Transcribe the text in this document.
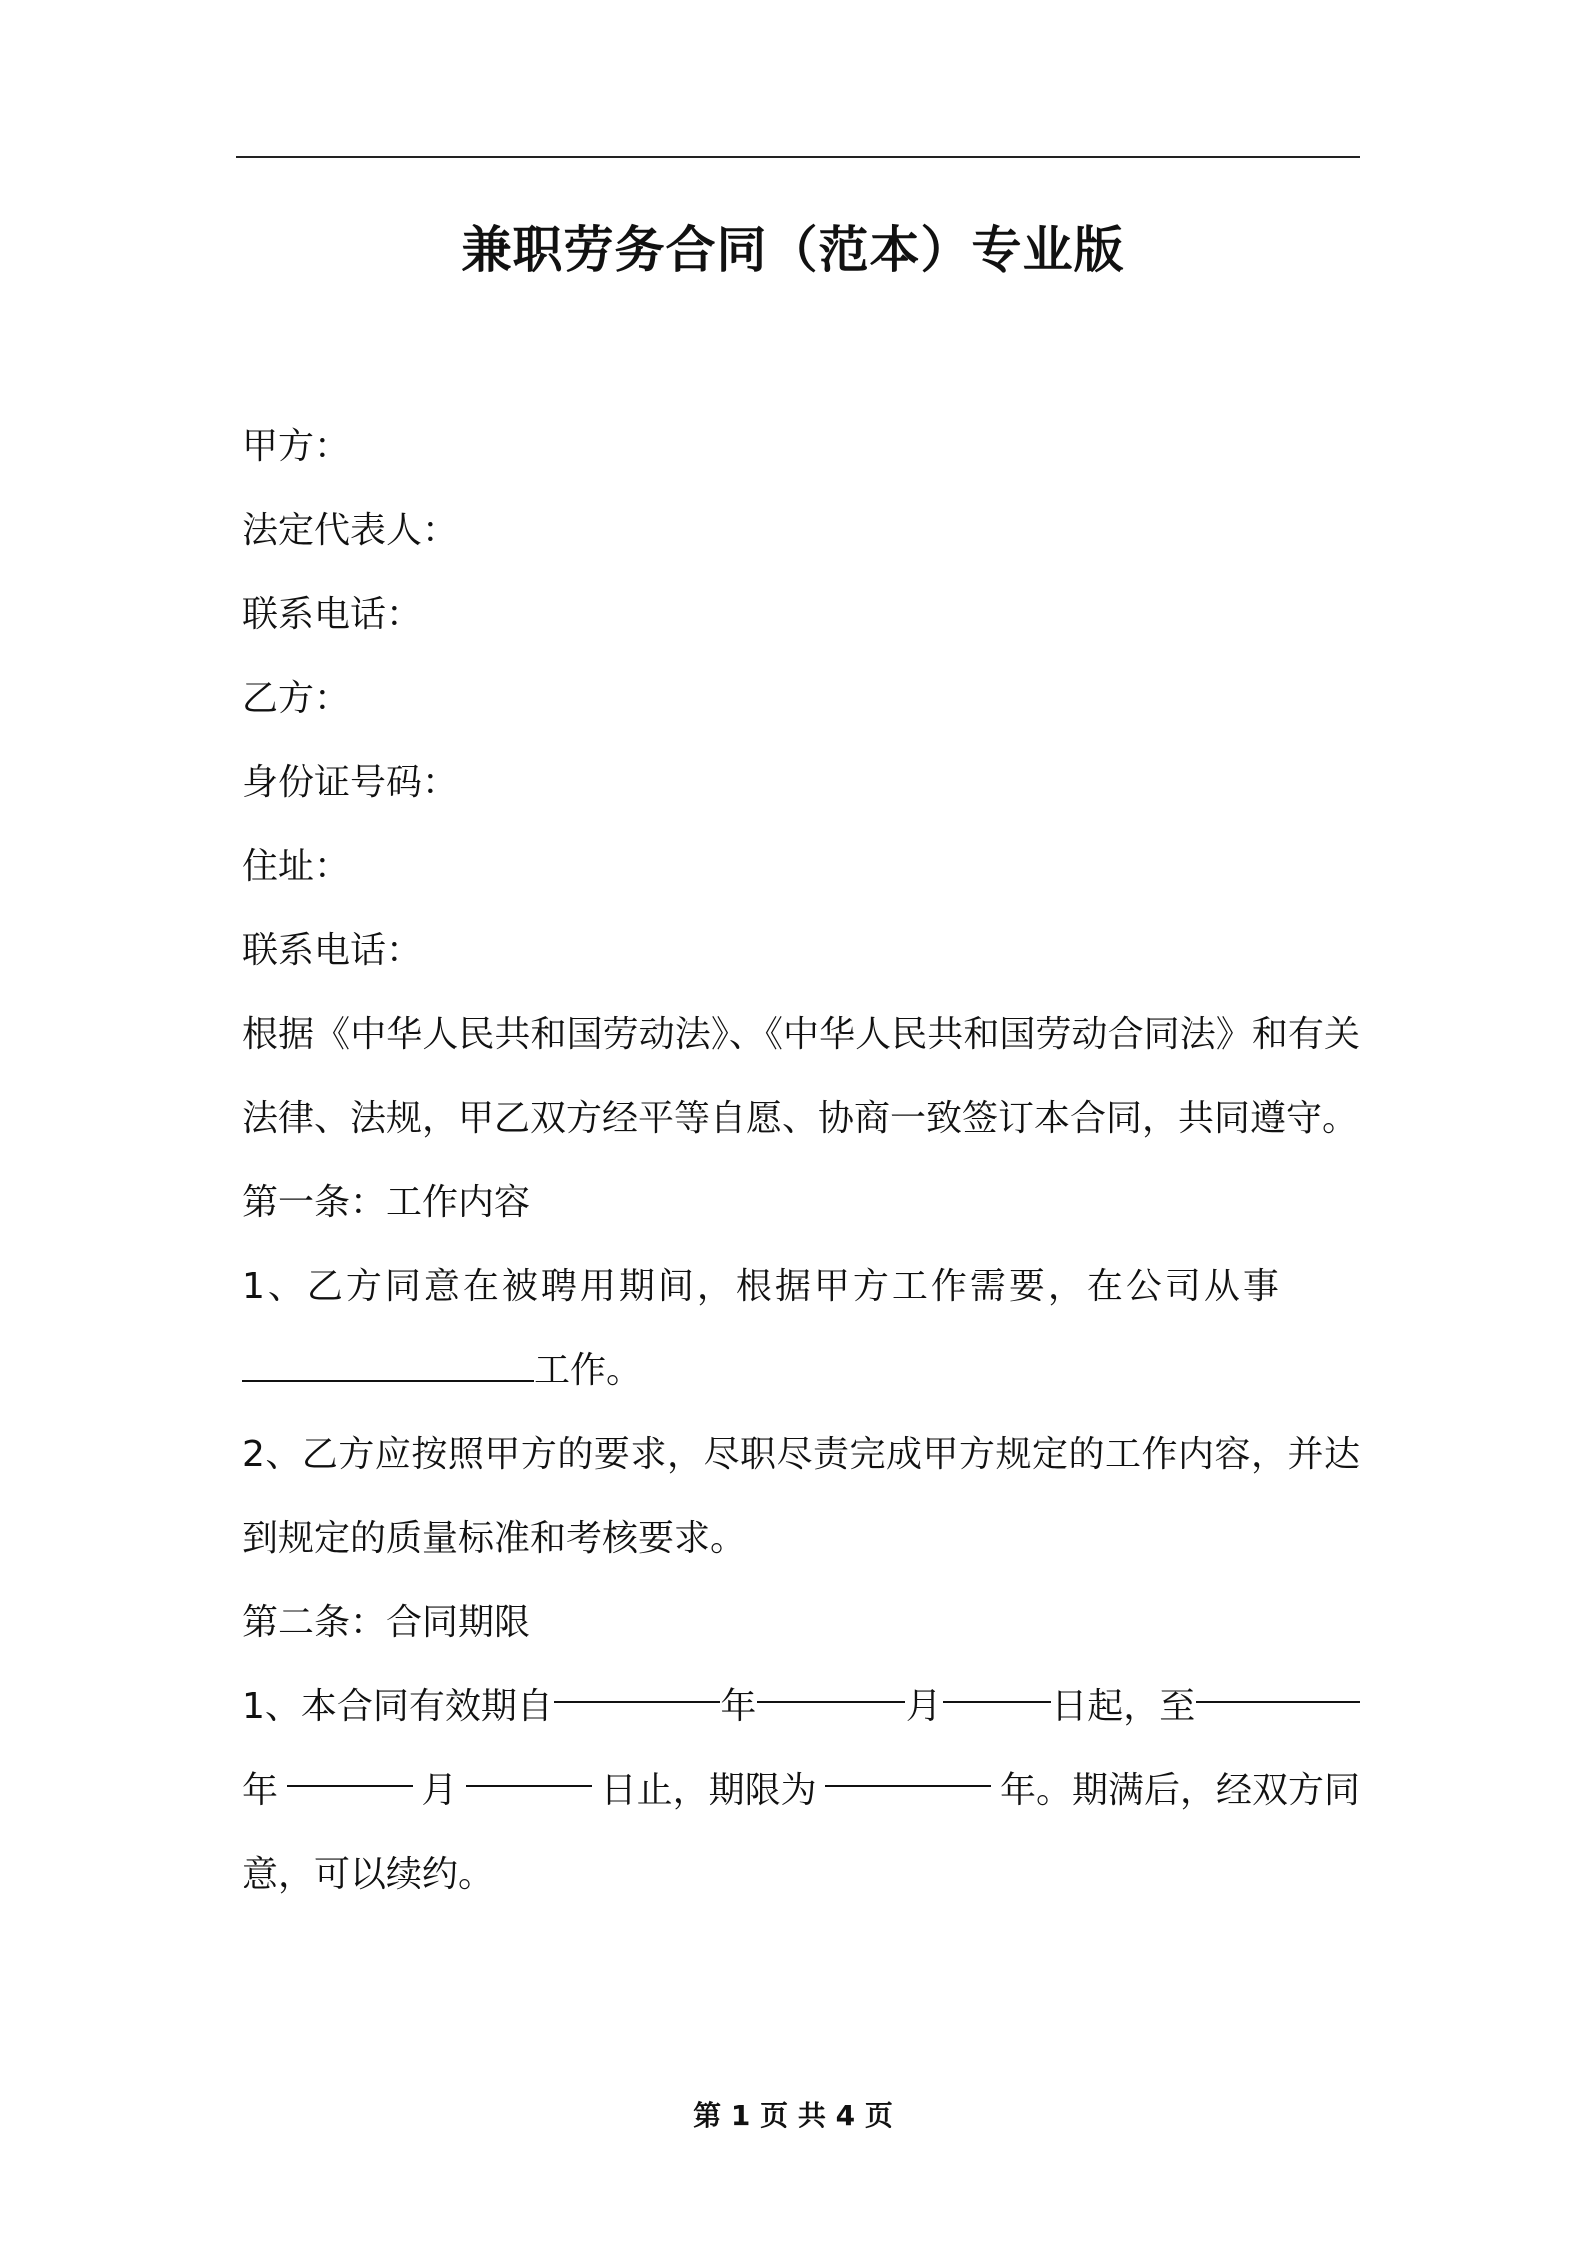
兼职劳务合同（范本）专业版
甲方：
法定代表人：
联系电话：
乙方：
身份证号码：
住址：
联系电话：
根据《中华人民共和国劳动法》、《中华人民共和国劳动合同法》和有关法律、法规，甲乙双方经平等自愿、协商一致签订本合同，共同遵守。
第一条：工作内容
1、乙方同意在被聘用期间，根据甲方工作需要，在公司从事
工作。
2、乙方应按照甲方的要求，尽职尽责完成甲方规定的工作内容，并达到规定的质量标准和考核要求。
第二条：合同期限
1、本合同有效期自	年	月	日起，至
年	月	日止，期限为	年。期满后，经双方同
意，可以续约。
第 1 页 共 4 页
